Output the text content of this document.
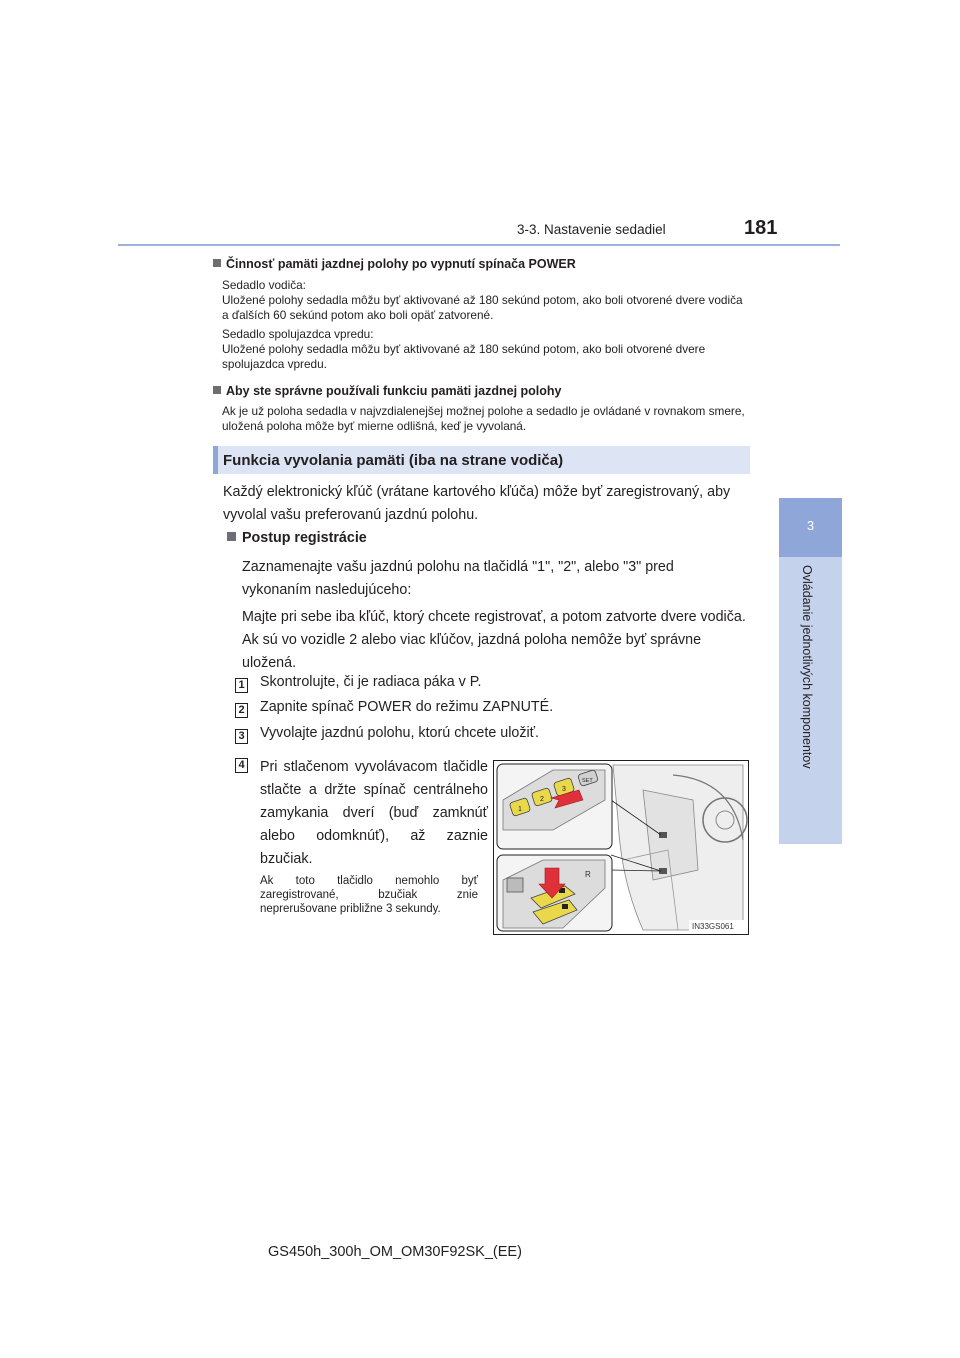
3-3. Nastavenie sedadiel	181
3
Ovládanie jednotlivých komponentov
Činnosť pamäti jazdnej polohy po vypnutí spínača POWER

Sedadlo vodiča:

Uložené polohy sedadla môžu byť aktivované až 180 sekúnd potom, ako boli otvorené dvere vodiča a ďalších 60 sekúnd potom ako boli opäť zatvorené.

Sedadlo spolujazdca vpredu:

Uložené polohy sedadla môžu byť aktivované až 180 sekúnd potom, ako boli otvorené dvere spolujazdca vpredu.

Aby ste správne používali funkciu pamäti jazdnej polohy

Ak je už poloha sedadla v najvzdialenejšej možnej polohe a sedadlo je ovládané v rovnakom smere, uložená poloha môže byť mierne odlišná, keď je vyvolaná.

Funkcia vyvolania pamäti (iba na strane vodiča)
Každý elektronický kľúč (vrátane kartového kľúča) môže byť zaregistrovaný, aby vyvolal vašu preferovanú jazdnú polohu.
Postup registrácie
Zaznamenajte vašu jazdnú polohu na tlačidlá "1", "2", alebo "3" pred vykonaním nasledujúceho:
Majte pri sebe iba kľúč, ktorý chcete registrovať, a potom zatvorte dvere vodiča. Ak sú vo vozidle 2 alebo viac kľúčov, jazdná poloha nemôže byť správne uložená.
1 Skontrolujte, či je radiaca páka v P.
2 Zapnite spínač POWER do režimu ZAPNUTÉ.
3 Vyvolajte jazdnú polohu, ktorú chcete uložiť.
4 Pri stlačenom vyvolávacom tlačidle stlačte a držte spínač centrálneho zamykania dverí (buď zamknúť alebo odomknúť), až zaznie bzučiak.
Ak toto tlačidlo nemohlo byť zaregistrované, bzučiak znie neprerušovane približne 3 sekundy.
1
2
3
SET
R
IN33GS061
GS450h_300h_OM_OM30F92SK_(EE)
